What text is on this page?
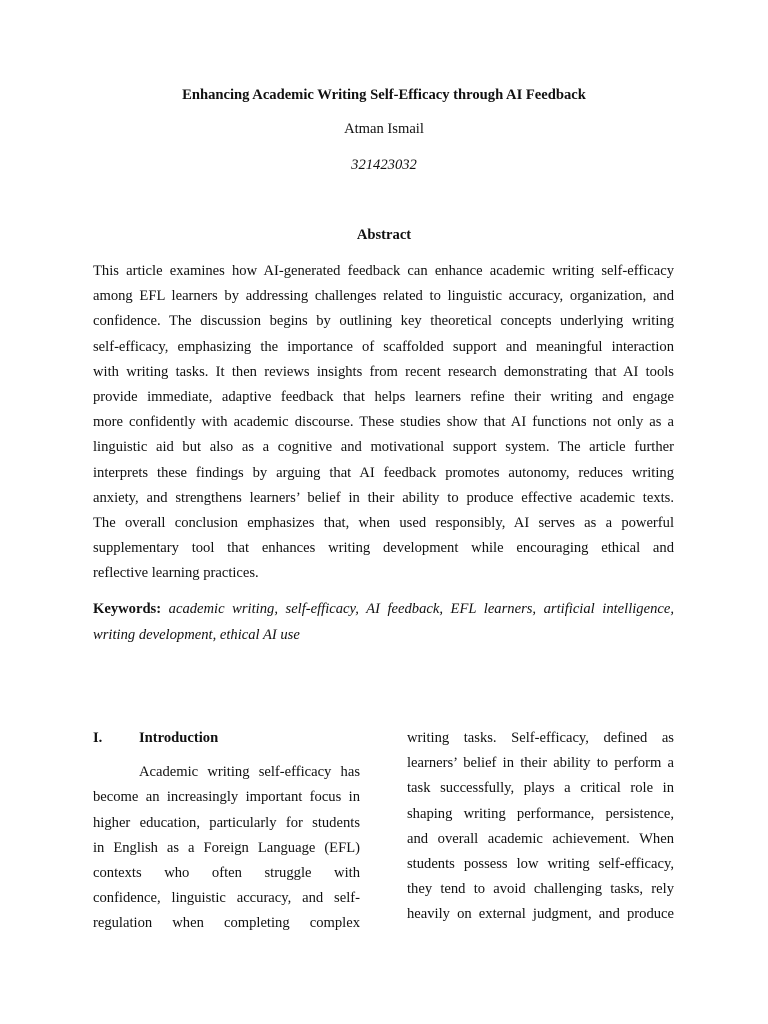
Enhancing Academic Writing Self-Efficacy through AI Feedback
Atman Ismail
321423032
Abstract
This article examines how AI-generated feedback can enhance academic writing self-efficacy
among EFL learners by addressing challenges related to linguistic accuracy, organization, and
confidence. The discussion begins by outlining key theoretical concepts underlying writing
self-efficacy, emphasizing the importance of scaffolded support and meaningful interaction
with writing tasks. It then reviews insights from recent research demonstrating that AI tools
provide immediate, adaptive feedback that helps learners refine their writing and engage
more confidently with academic discourse. These studies show that AI functions not only as a
linguistic aid but also as a cognitive and motivational support system. The article further
interprets these findings by arguing that AI feedback promotes autonomy, reduces writing
anxiety, and strengthens learners’ belief in their ability to produce effective academic texts.
The overall conclusion emphasizes that, when used responsibly, AI serves as a powerful
supplementary tool that enhances writing development while encouraging ethical and
reflective learning practices.
Keywords: academic writing, self-efficacy, AI feedback, EFL learners, artificial intelligence,
writing development, ethical AI use
I.	Introduction
Academic writing self-efficacy has
become an increasingly important focus in
higher education, particularly for students
in English as a Foreign Language (EFL)
contexts who often struggle with
confidence, linguistic accuracy, and self-
regulation when completing complex
writing tasks. Self-efficacy, defined as
learners’ belief in their ability to perform a
task successfully, plays a critical role in
shaping writing performance, persistence,
and overall academic achievement. When
students possess low writing self-efficacy,
they tend to avoid challenging tasks, rely
heavily on external judgment, and produce
